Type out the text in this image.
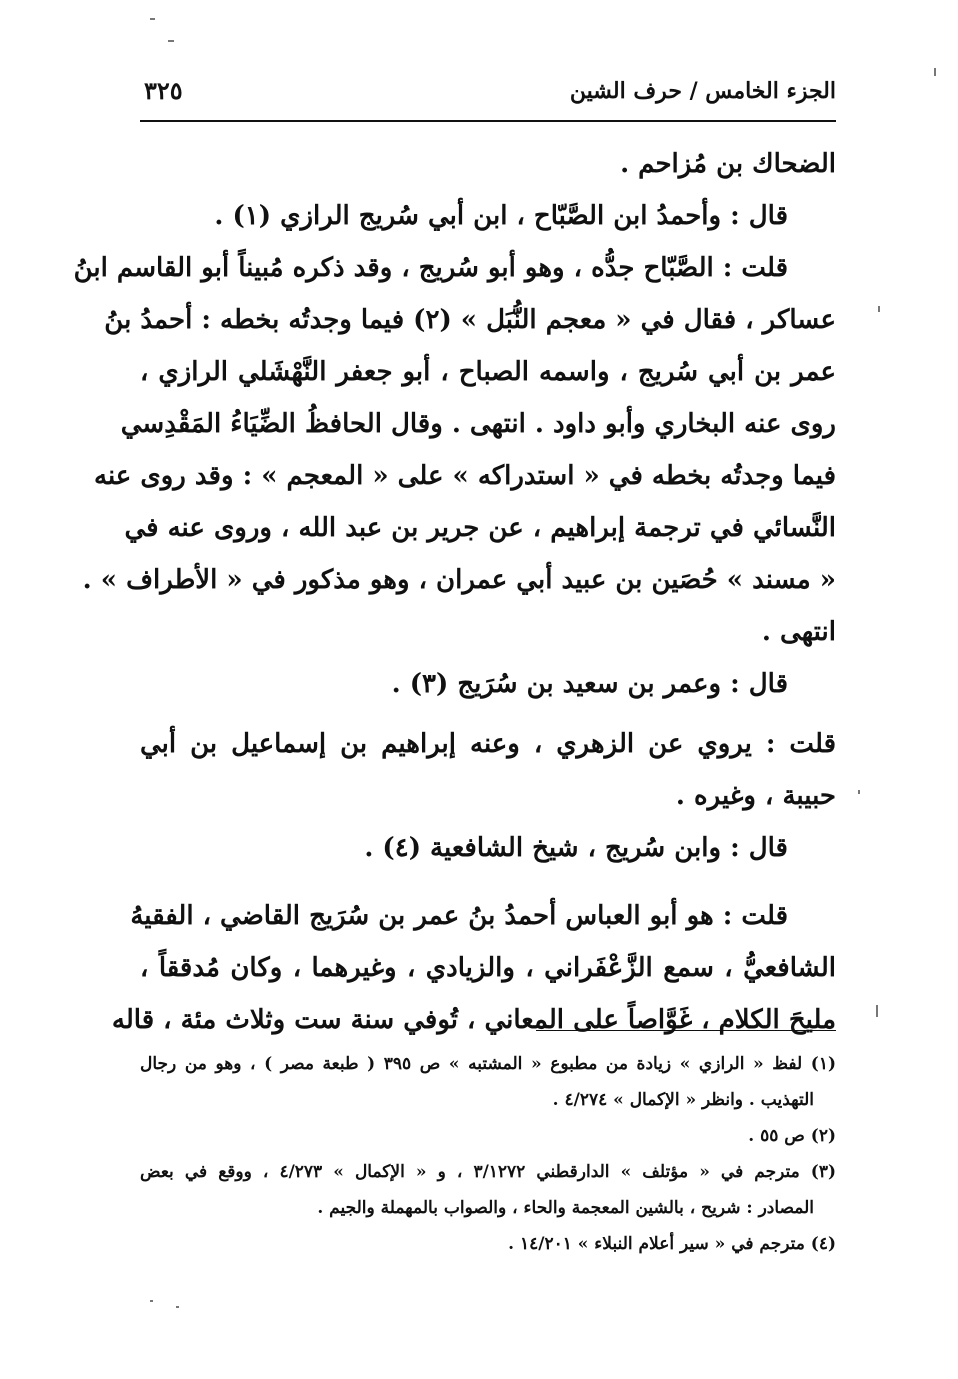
الجزء الخامس / حرف الشين
٣٢٥
الضحاك بن مُزاحم .
قال : وأحمدُ ابن الصَّبّاح ، ابن أبي سُريج الرازي (١) .
قلت : الصَّبّاح جدُّه ، وهو أبو سُريج ، وقد ذكره مُبيناً أبو القاسم ابنُ
عساكر ، فقال في « معجم النُّبَل » (٢) فيما وجدتُه بخطه : أحمدُ بنُ
عمر بن أبي سُريج ، واسمه الصباح ، أبو جعفر النَّهْشَلي الرازي ،
روى عنه البخاري وأبو داود . انتهى . وقال الحافظُ الضِّيَاءُ المَقْدِسي
فيما وجدتُه بخطه في « استدراكه » على « المعجم » : وقد روى عنه
النَّسائي في ترجمة إبراهيم ، عن جرير بن عبد الله ، وروى عنه في
« مسند » حُصَين بن عبيد أبي عمران ، وهو مذكور في « الأطراف » .
انتهى .
قال : وعمر بن سعيد بن سُرَيج (٣) .
قلت : يروي عن الزهري ، وعنه إبراهيم بن إسماعيل بن أبي
حبيبة ، وغيره .
قال : وابن سُريج ، شيخ الشافعية (٤) .
قلت : هو أبو العباس أحمدُ بنُ عمر بن سُرَيج القاضي ، الفقيهُ
الشافعيُّ ، سمع الزَّعْفَراني ، والزيادي ، وغيرهما ، وكان مُدققاً ،
مليحَ الكلام ، غَوَّاصاً على المعاني ، تُوفي سنة ست وثلاث مئة ، قاله
(١) لفظ « الرازي » زيادة من مطبوع « المشتبه » ص ٣٩٥ ( طبعة مصر ) ، وهو من رجال
التهذيب . وانظر « الإكمال » ٤/٢٧٤ .
(٢) ص ٥٥ .
(٣) مترجم في « مؤتلف » الدارقطني ٣/١٢٧٢ ، و « الإكمال » ٤/٢٧٣ ، ووقع في بعض
المصادر : شريح ، بالشين المعجمة والحاء ، والصواب بالمهملة والجيم .
(٤) مترجم في « سير أعلام النبلاء » ١٤/٢٠١ .
